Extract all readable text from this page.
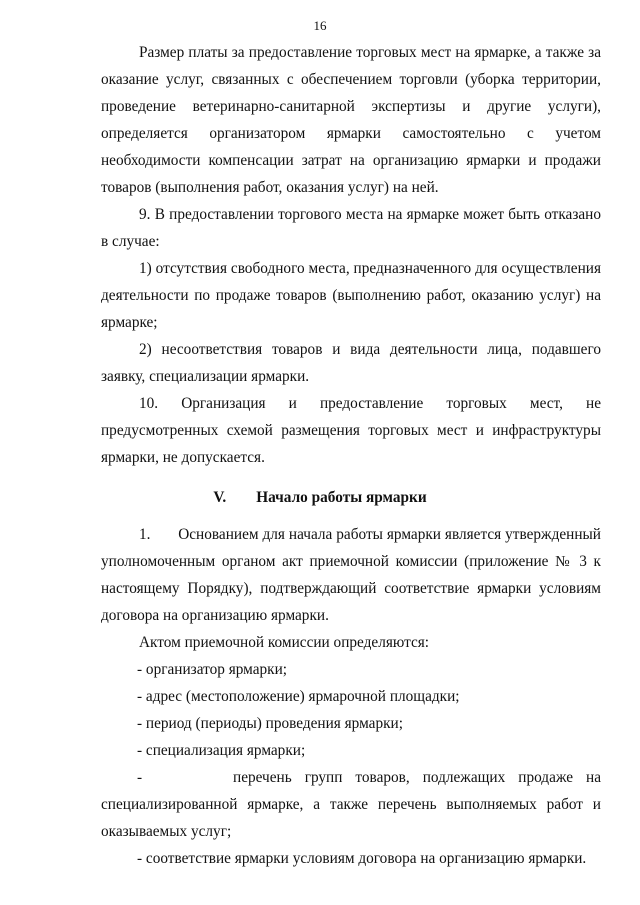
16

Размер платы за предоставление торговых мест на ярмарке, а также за оказание услуг, связанных с обеспечением торговли (уборка территории, проведение ветеринарно-санитарной экспертизы и другие услуги), определяется организатором ярмарки самостоятельно с учетом необходимости компенсации затрат на организацию ярмарки и продажи товаров (выполнения работ, оказания услуг) на ней.

9. В предоставлении торгового места на ярмарке может быть отказано в случае:

1) отсутствия свободного места, предназначенного для осуществления деятельности по продаже товаров (выполнению работ, оказанию услуг) на ярмарке;

2) несоответствия товаров и вида деятельности лица, подавшего заявку, специализации ярмарки.

10. Организация и предоставление торговых мест, не предусмотренных схемой размещения торговых мест и инфраструктуры ярмарки, не допускается.

V. Начало работы ярмарки

1.       Основанием для начала работы ярмарки является утвержденный уполномоченным органом акт приемочной комиссии (приложение № 3 к настоящему Порядку), подтверждающий соответствие ярмарки условиям договора на организацию ярмарки.

Актом приемочной комиссии определяются:

- организатор ярмарки;

- адрес (местоположение) ярмарочной площадки;

- период (периоды) проведения ярмарки;

- специализация ярмарки;

-       перечень групп товаров, подлежащих продаже на специализированной ярмарке, а также перечень выполняемых работ и оказываемых услуг;

- соответствие ярмарки условиям договора на организацию ярмарки.
